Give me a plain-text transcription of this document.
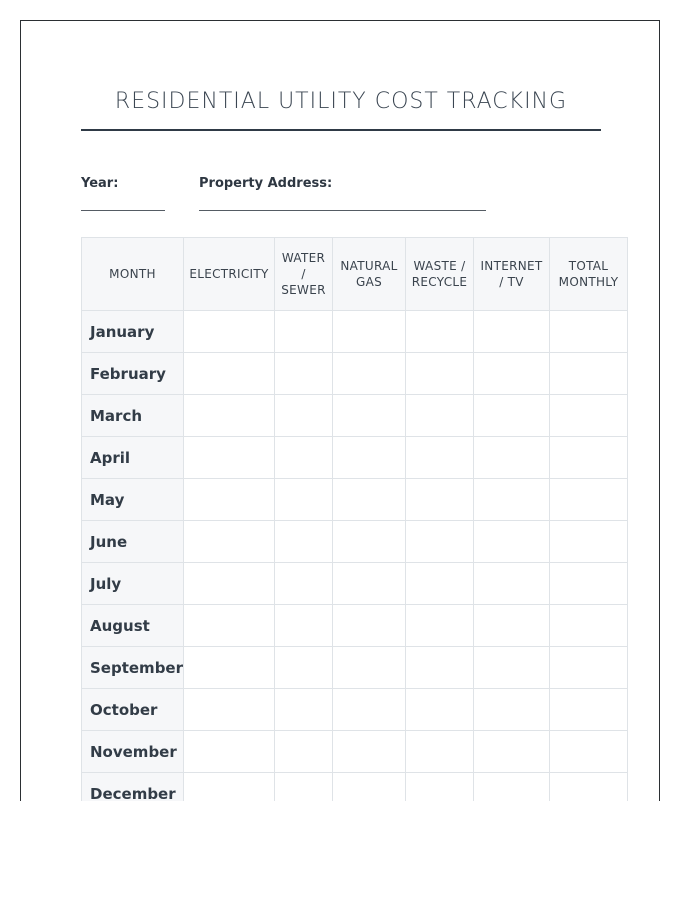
RESIDENTIAL UTILITY COST TRACKING
Year:	Property Address:
MONTH	ELECTRICITY	WATER / SEWER	NATURAL GAS	WASTE / RECYCLE	INTERNET / TV	TOTAL MONTHLY
January						
February						
March						
April						
May						
June						
July						
August						
September						
October						
November						
December						
